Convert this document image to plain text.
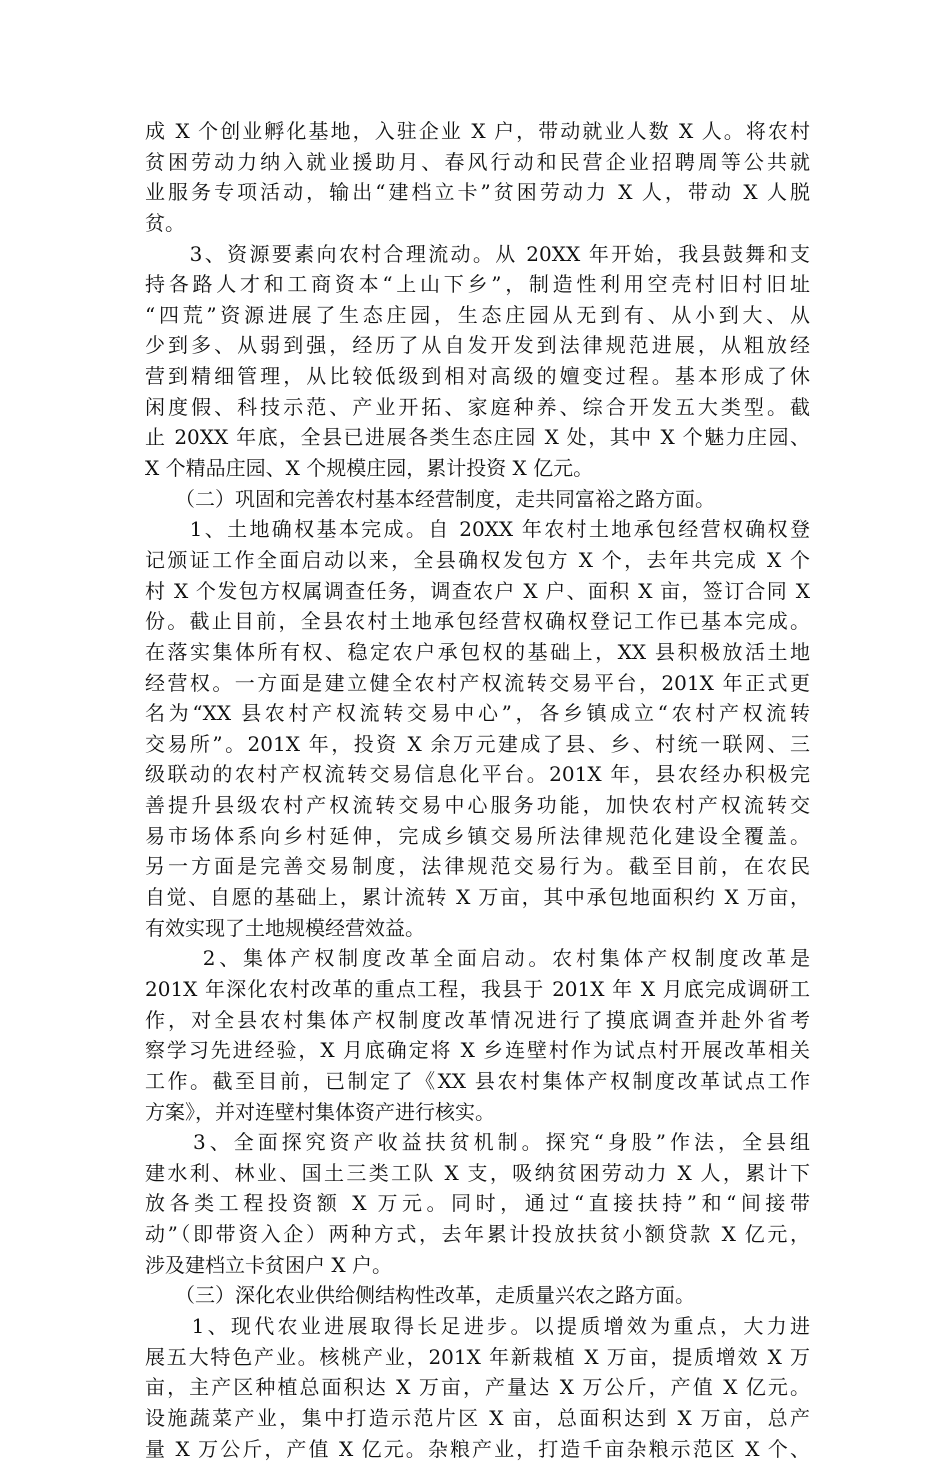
成 X 个创业孵化基地，入驻企业 X 户，带动就业人数 X 人。将农村
贫困劳动力纳入就业援助月、春风行动和民营企业招聘周等公共就
业服务专项活动，输出“建档立卡”贫困劳动力 X 人，带动 X 人脱
贫。
　　3、资源要素向农村合理流动。从 20XX 年开始，我县鼓舞和支
持各路人才和工商资本“上山下乡”，制造性利用空壳村旧村旧址
“四荒”资源进展了生态庄园，生态庄园从无到有、从小到大、从
少到多、从弱到强，经历了从自发开发到法律规范进展，从粗放经
营到精细管理，从比较低级到相对高级的嬗变过程。基本形成了休
闲度假、科技示范、产业开拓、家庭种养、综合开发五大类型。截
止 20XX 年底，全县已进展各类生态庄园 X 处，其中 X 个魅力庄园、
X 个精品庄园、X 个规模庄园，累计投资 X 亿元。
　　（二）巩固和完善农村基本经营制度，走共同富裕之路方面。
　　1、土地确权基本完成。自 20XX 年农村土地承包经营权确权登
记颁证工作全面启动以来，全县确权发包方 X 个，去年共完成 X 个
村 X 个发包方权属调查任务，调查农户 X 户、面积 X 亩，签订合同 X
份。截止目前，全县农村土地承包经营权确权登记工作已基本完成。
在落实集体所有权、稳定农户承包权的基础上，XX 县积极放活土地
经营权。一方面是建立健全农村产权流转交易平台，201X 年正式更
名为“XX 县农村产权流转交易中心”，各乡镇成立“农村产权流转
交易所”。201X 年，投资 X 余万元建成了县、乡、村统一联网、三
级联动的农村产权流转交易信息化平台。201X 年，县农经办积极完
善提升县级农村产权流转交易中心服务功能，加快农村产权流转交
易市场体系向乡村延伸，完成乡镇交易所法律规范化建设全覆盖。
另一方面是完善交易制度，法律规范交易行为。截至目前，在农民
自觉、自愿的基础上，累计流转 X 万亩，其中承包地面积约 X 万亩，
有效实现了土地规模经营效益。
　　 2、集体产权制度改革全面启动。农村集体产权制度改革是
201X 年深化农村改革的重点工程，我县于 201X 年 X 月底完成调研工
作，对全县农村集体产权制度改革情况进行了摸底调查并赴外省考
察学习先进经验，X 月底确定将 X 乡连壁村作为试点村开展改革相关
工作。截至目前，已制定了《XX 县农村集体产权制度改革试点工作
方案》，并对连壁村集体资产进行核实。
　　3、全面探究资产收益扶贫机制。探究“身股”作法，全县组
建水利、林业、国土三类工队 X 支，吸纳贫困劳动力 X 人，累计下
放各类工程投资额 X 万元。同时，通过“直接扶持”和“间接带
动”（即带资入企）两种方式，去年累计投放扶贫小额贷款 X 亿元，
涉及建档立卡贫困户 X 户。
　　（三）深化农业供给侧结构性改革，走质量兴农之路方面。
　　1、现代农业进展取得长足进步。以提质增效为重点，大力进
展五大特色产业。核桃产业，201X 年新栽植 X 万亩，提质增效 X 万
亩，主产区种植总面积达 X 万亩，产量达 X 万公斤，产值 X 亿元。
设施蔬菜产业，集中打造示范片区 X 亩，总面积达到 X 万亩，总产
量 X 万公斤，产值 X 亿元。杂粮产业，打造千亩杂粮示范区 X 个、
